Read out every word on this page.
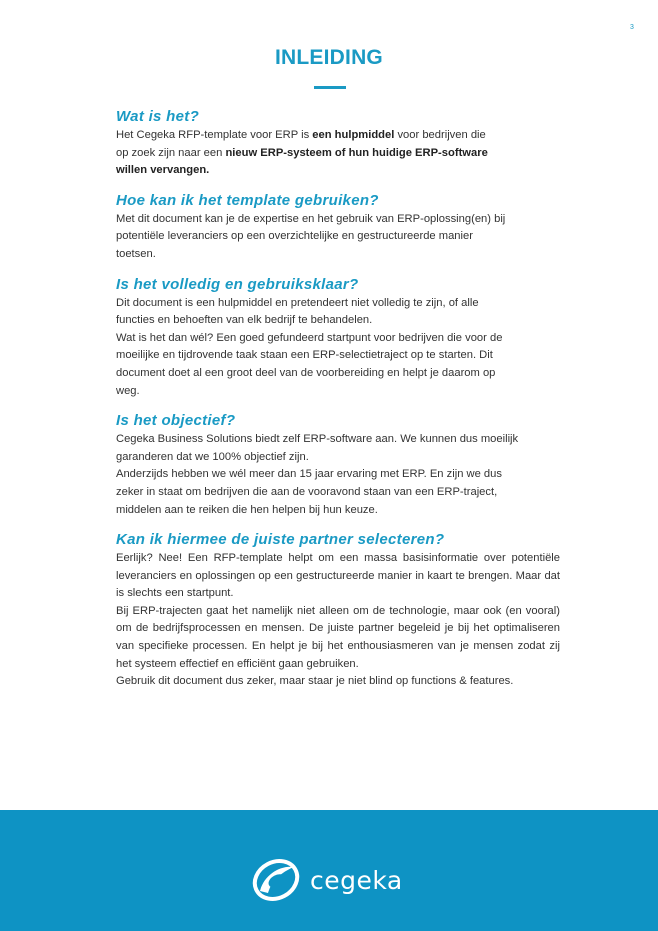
3
INLEIDING
Wat is het?

Het Cegeka RFP-template voor ERP is een hulpmiddel voor bedrijven die
op zoek zijn naar een nieuw ERP-systeem of hun huidige ERP-software
willen vervangen.

Hoe kan ik het template gebruiken?

Met dit document kan je de expertise en het gebruik van ERP-oplossing(en) bij
potentiële leveranciers op een overzichtelijke en gestructureerde manier
toetsen.

Is het volledig en gebruiksklaar?

Dit document is een hulpmiddel en pretendeert niet volledig te zijn, of alle
functies en behoeften van elk bedrijf te behandelen.
Wat is het dan wél? Een goed gefundeerd startpunt voor bedrijven die voor de
moeilijke en tijdrovende taak staan een ERP-selectietraject op te starten. Dit
document doet al een groot deel van de voorbereiding en helpt je daarom op
weg.

Is het objectief?

Cegeka Business Solutions biedt zelf ERP-software aan. We kunnen dus moeilijk
garanderen dat we 100% objectief zijn.
Anderzijds hebben we wél meer dan 15 jaar ervaring met ERP. En zijn we dus
zeker in staat om bedrijven die aan de vooravond staan van een ERP-traject,
middelen aan te reiken die hen helpen bij hun keuze.

Kan ik hiermee de juiste partner selecteren?

Eerlijk? Nee! Een RFP-template helpt om een massa basisinformatie over potentiële leveranciers en oplossingen op een gestructureerde manier in kaart te brengen. Maar dat is slechts een startpunt.
Bij ERP-trajecten gaat het namelijk niet alleen om de technologie, maar ook (en vooral) om de bedrijfsprocessen en mensen. De juiste partner begeleid je bij het optimaliseren van specifieke processen. En helpt je bij het enthousiasmeren van je mensen zodat zij het systeem effectief en efficiënt gaan gebruiken.
Gebruik dit document dus zeker, maar staar je niet blind op functions & features.

cegeka
